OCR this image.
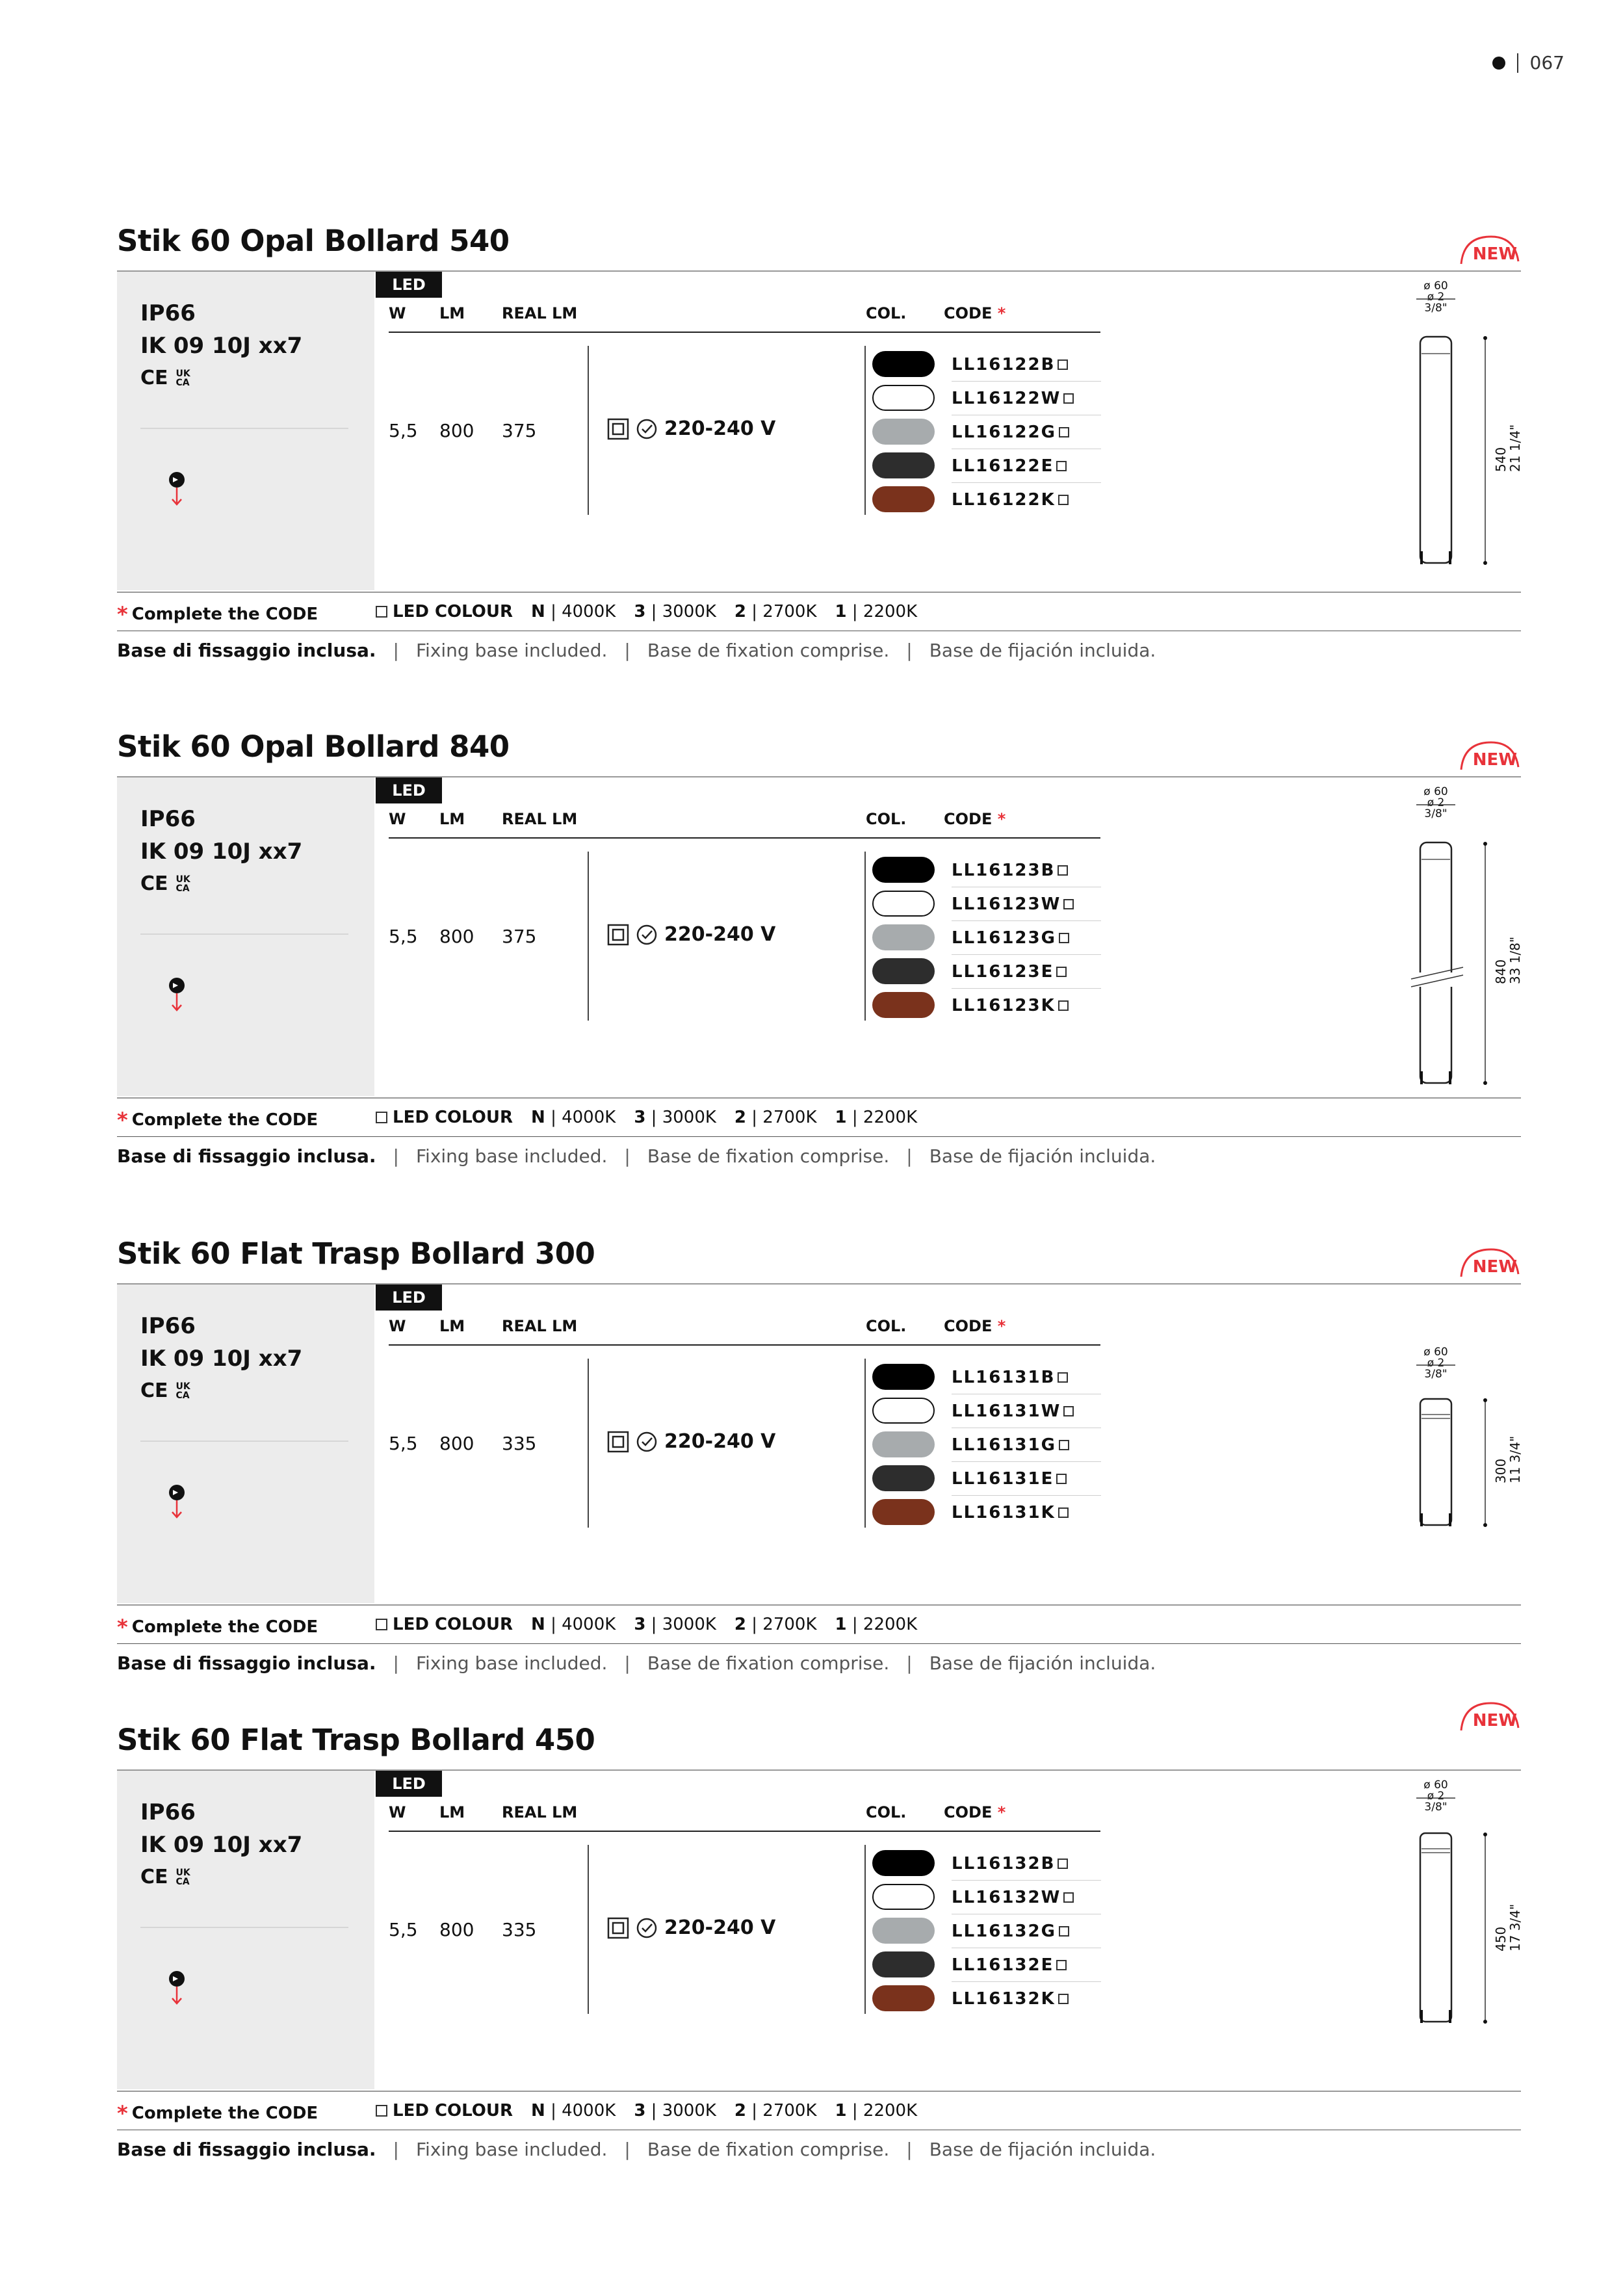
067
Stik 60 Opal Bollard 540	NEW
IP66
IK 09 10J xx7
CE UK CA
LED
W LM REAL LM	COL. CODE *
5,5 800 375	220-240 V
LL16122B
LL16122W
LL16122G
LL16122E
LL16122K
ø 60
ø 2 3/8"
540
21 1/4"
* Complete the CODE	LED COLOUR N | 4000K 3 | 3000K 2 | 2700K 1 | 2200K
Base di fissaggio inclusa. | Fixing base included. | Base de fixation comprise. | Base de fijación incluida.
Stik 60 Opal Bollard 840	NEW
IP66
IK 09 10J xx7
CE UK CA
LED
W LM REAL LM	COL. CODE *
5,5 800 375	220-240 V
LL16123B
LL16123W
LL16123G
LL16123E
LL16123K
ø 60
ø 2 3/8"
840
33 1/8"
* Complete the CODE	LED COLOUR N | 4000K 3 | 3000K 2 | 2700K 1 | 2200K
Base di fissaggio inclusa. | Fixing base included. | Base de fixation comprise. | Base de fijación incluida.
Stik 60 Flat Trasp Bollard 300	NEW
IP66
IK 09 10J xx7
CE UK CA
LED
W LM REAL LM	COL. CODE *
5,5 800 335	220-240 V
LL16131B
LL16131W
LL16131G
LL16131E
LL16131K
ø 60
ø 2 3/8"
300
11 3/4"
* Complete the CODE	LED COLOUR N | 4000K 3 | 3000K 2 | 2700K 1 | 2200K
Base di fissaggio inclusa. | Fixing base included. | Base de fixation comprise. | Base de fijación incluida.
NEW
Stik 60 Flat Trasp Bollard 450
IP66
IK 09 10J xx7
CE UK CA
LED
W LM REAL LM	COL. CODE *
5,5 800 335	220-240 V
LL16132B
LL16132W
LL16132G
LL16132E
LL16132K
ø 60
ø 2 3/8"
450
17 3/4"
* Complete the CODE	LED COLOUR N | 4000K 3 | 3000K 2 | 2700K 1 | 2200K
Base di fissaggio inclusa. | Fixing base included. | Base de fixation comprise. | Base de fijación incluida.
